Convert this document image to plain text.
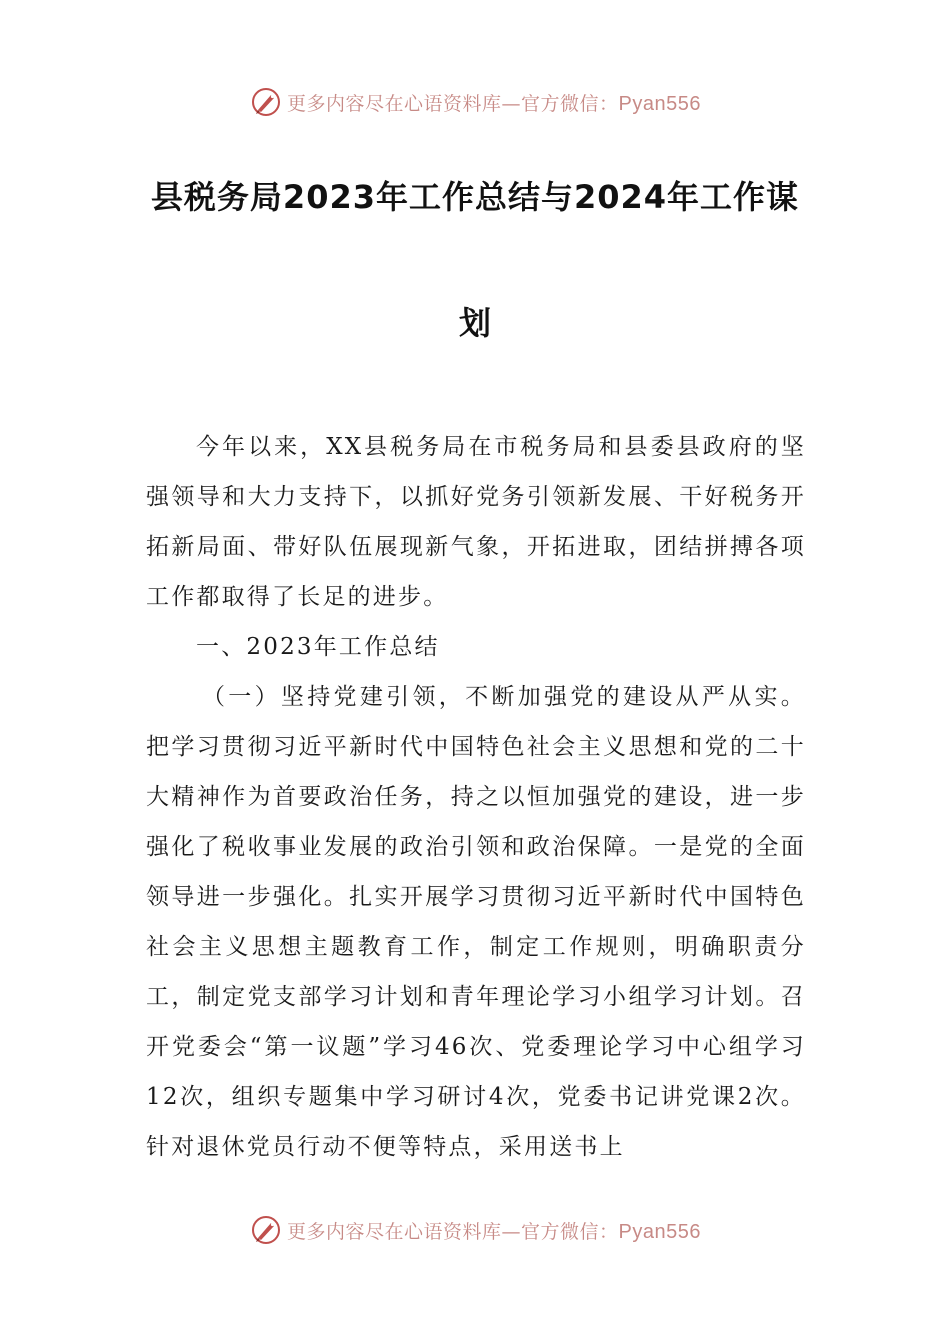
更多内容尽在心语资料库—官方微信：Pyan556
县税务局2023年工作总结与2024年工作谋
划

今年以来，XX县税务局在市税务局和县委县政府的坚强领导和大力支持下，以抓好党务引领新发展、干好税务开拓新局面、带好队伍展现新气象，开拓进取，团结拼搏各项工作都取得了长足的进步。

一、2023年工作总结

（一）坚持党建引领，不断加强党的建设从严从实。把学习贯彻习近平新时代中国特色社会主义思想和党的二十大精神作为首要政治任务，持之以恒加强党的建设，进一步强化了税收事业发展的政治引领和政治保障。一是党的全面领导进一步强化。扎实开展学习贯彻习近平新时代中国特色社会主义思想主题教育工作，制定工作规则，明确职责分工，制定党支部学习计划和青年理论学习小组学习计划。召开党委会“第一议题”学习46次、党委理论学习中心组学习12次，组织专题集中学习研讨4次，党委书记讲党课2次。针对退休党员行动不便等特点，采用送书上

更多内容尽在心语资料库—官方微信：Pyan556
